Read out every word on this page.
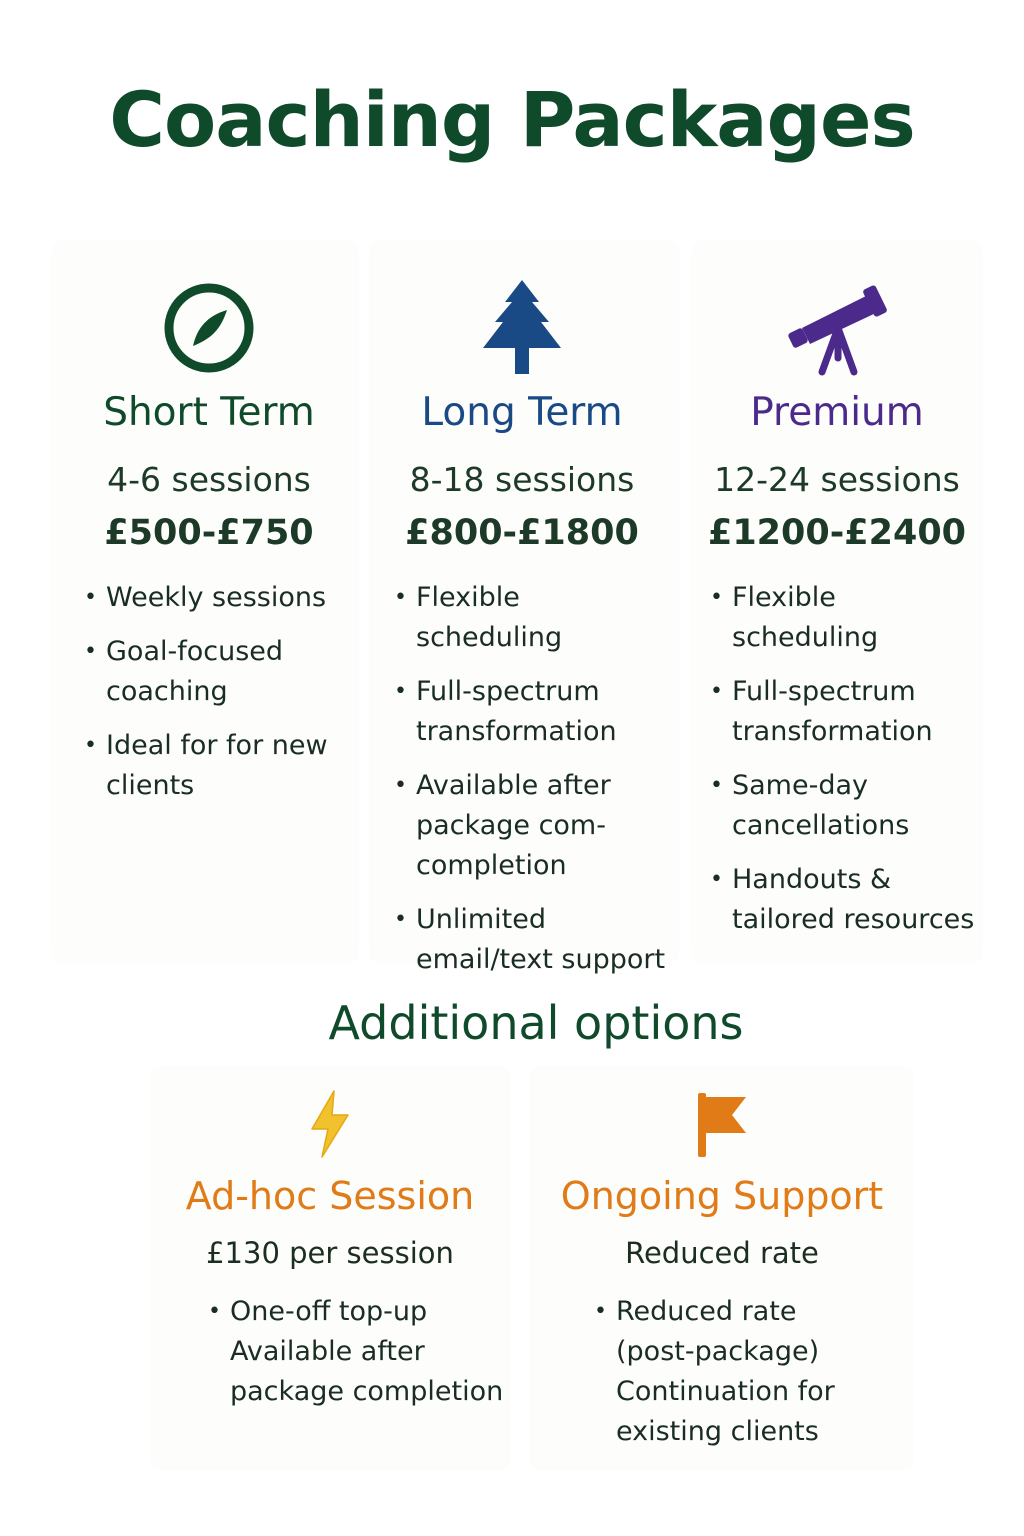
Coaching Packages
Short Term
4-6 sessions
£500-£750
• Weekly sessions
• Goal-focused coaching
• Ideal for for new clients
Long Term
8-18 sessions
£800-£1800
• Flexible scheduling
• Full-spectrum transformation
• Available after package com-completion
• Unlimited email/text support
Premium
12-24 sessions
£1200-£2400
• Flexible scheduling
• Full-spectrum transformation
• Same-day cancellations
• Handouts & tailored resources
Additional options
Ad-hoc Session
£130 per session
• One-off top-up
Available after
package completion
Ongoing Support
Reduced rate
• Reduced rate
(post-package)
Continuation for
existing clients
